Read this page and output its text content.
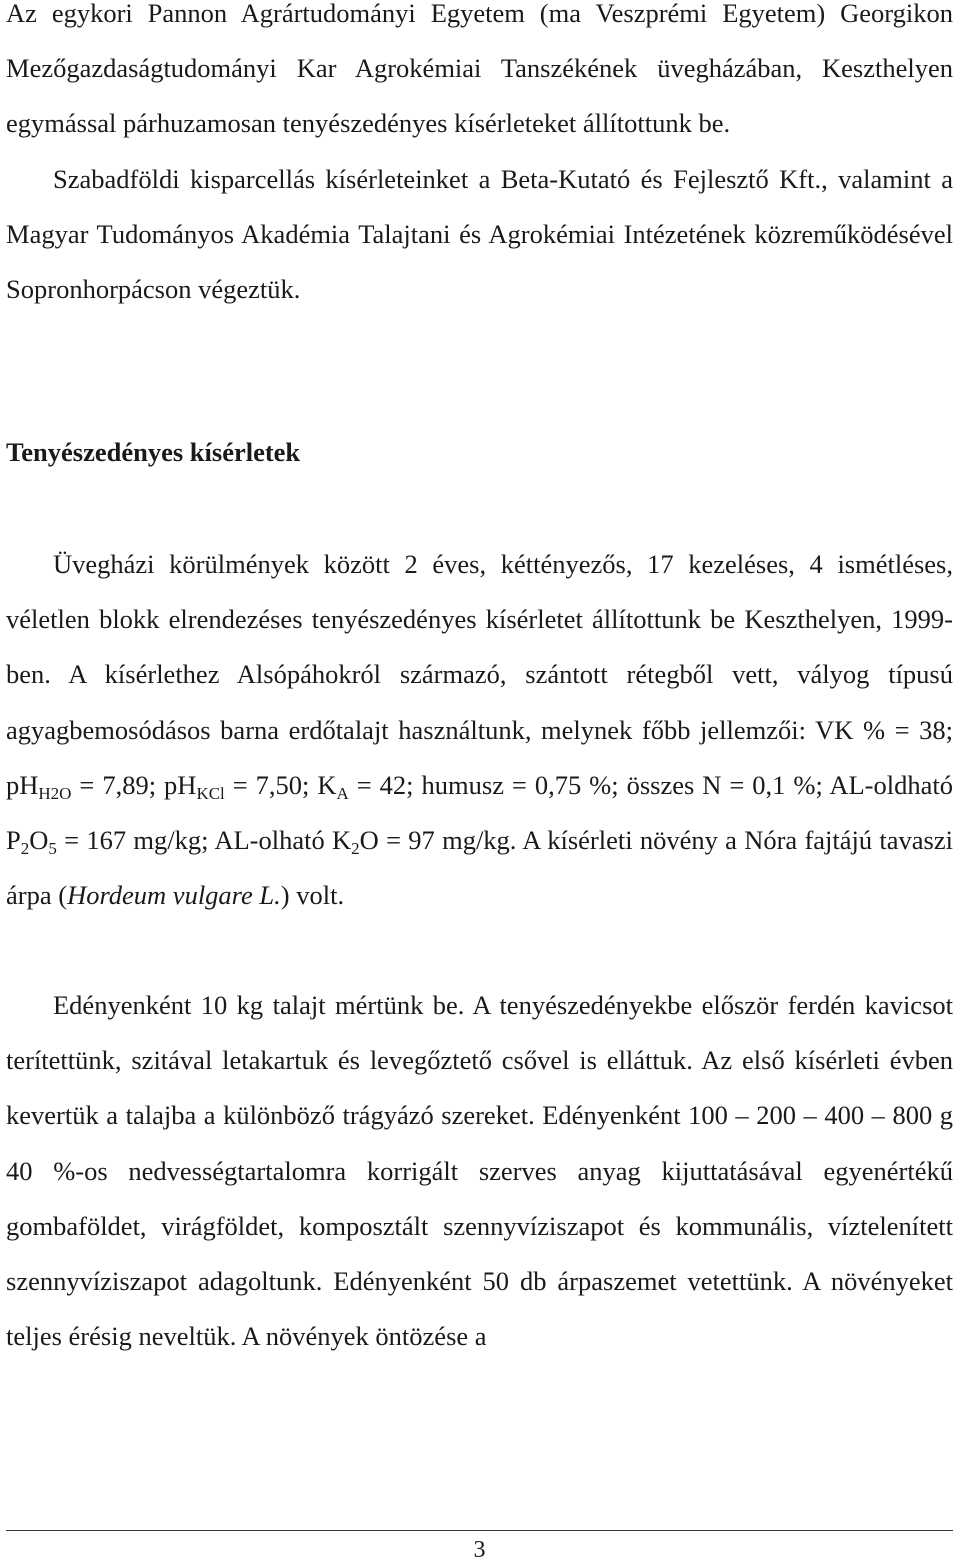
Az egykori Pannon Agrártudományi Egyetem (ma Veszprémi Egyetem) Georgikon Mezőgazdaságtudományi Kar Agrokémiai Tanszékének üvegházában, Keszthelyen egymással párhuzamosan tenyészedényes kísérleteket állítottunk be.
Szabadföldi kisparcellás kísérleteinket a Beta-Kutató és Fejlesztő Kft., valamint a Magyar Tudományos Akadémia Talajtani és Agrokémiai Intézetének közreműködésével Sopronhorpácson végeztük.

Tenyészedényes kísérletek

Üvegházi körülmények között 2 éves, kéttényezős, 17 kezeléses, 4 ismétléses, véletlen blokk elrendezéses tenyészedényes kísérletet állítottunk be Keszthelyen, 1999-ben. A kísérlethez Alsópáhokról származó, szántott rétegből vett, vályog típusú agyagbemosódásos barna erdőtalajt használtunk, melynek főbb jellemzői: VK % = 38; $pH_{H2O} = 7,89$; $pH_{KCl} = 7,50$; $K_A = 42$; humusz = 0,75 %; összes N = 0,1 %; AL-oldható $P_2O_5 = 167$ mg/kg; AL-olható $K_2O = 97$ mg/kg. A kísérleti növény a Nóra fajtájú tavaszi árpa (Hordeum vulgare L.) volt.

Edényenként 10 kg talajt mértünk be. A tenyészedényekbe először ferdén kavicsot terítettünk, szitával letakartuk és levegőztető csővel is elláttuk. Az első kísérleti évben kevertük a talajba a különböző trágyázó szereket. Edényenként 100 – 200 – 400 – 800 g 40 %-os nedvességtartalomra korrigált szerves anyag kijuttatásával egyenértékű gombaföldet, virágföldet, komposztált szennyvíziszapot és kommunális, víztelenített szennyvíziszapot adagoltunk. Edényenként 50 db árpaszemet vetettünk. A növényeket teljes érésig neveltük. A növények öntözése a

3
